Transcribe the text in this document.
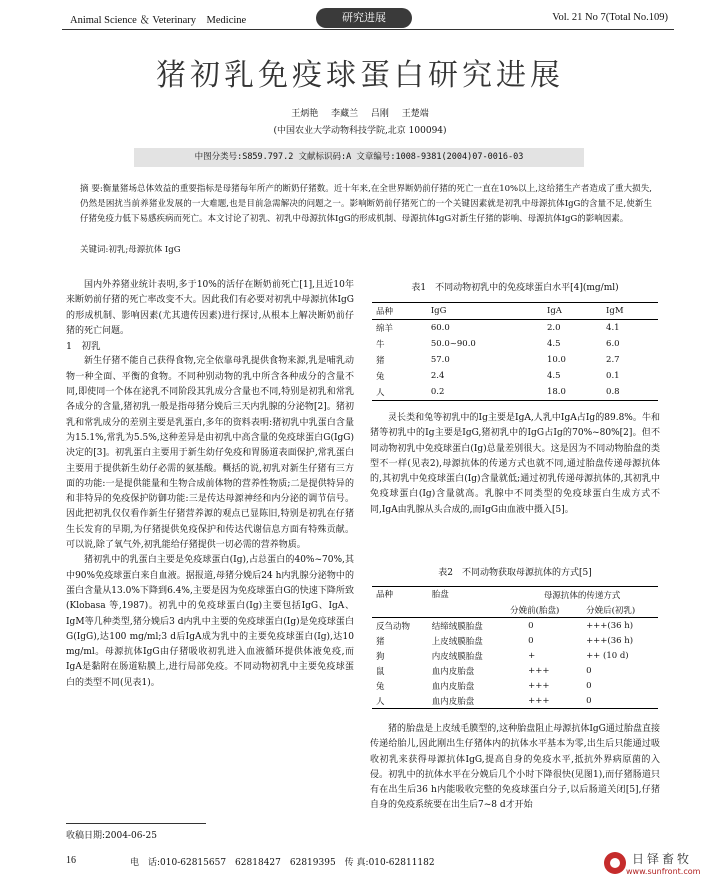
Animal Science ＆ Veterinary　Medicine	研究进展	Vol. 21 No 7(Total No.109)
猪初乳免疫球蛋白研究进展
王炳艳 李藏兰 吕刚 王楚端
(中国农业大学动物科技学院,北京 100094)
中图分类号:S859.797.2 文献标识码:A 文章编号:1008-9381(2004)07-0016-03
摘 要:衡量猪场总体效益的重要指标是母猪每年所产的断奶仔猪数。近十年来,在全世界断奶前仔猪的死亡一直在10%以上,这给猪生产者造成了重大损失,仍然是困扰当前养猪业发展的一大难题,也是目前急需解决的问题之一。影响断奶前仔猪死亡的一个关键因素就是初乳中母源抗体IgG的含量不足,使新生仔猪免疫力低下易感疾病而死亡。本文讨论了初乳、初乳中母源抗体IgG的形成机制、母源抗体IgG对新生仔猪的影响、母源抗体IgG的影响因素。
关键词:初乳;母源抗体 IgG

国内外养猪业统计表明,多于10%的活仔在断奶前死亡[1],且近10年来断奶前仔猪的死亡率改变不大。因此我们有必要对初乳中母源抗体IgG的形成机制、影响因素(尤其遗传因素)进行探讨,从根本上解决断奶前仔猪的死亡问题。

1　初乳

新生仔猪不能自己获得食物,完全依靠母乳提供食物来源,乳是哺乳动物一种全面、平衡的食物。不同种别动物的乳中所含各种成分的含量不同,即使同一个体在泌乳不同阶段其乳成分含量也不同,特别是初乳和常乳各成分的含量,猪初乳一般是指母猪分娩后三天内乳腺的分泌物[2]。猪初乳和常乳成分的差别主要是乳蛋白,多年的资料表明:猪初乳中乳蛋白含量为15.1%,常乳为5.5%,这种差异是由初乳中高含量的免疫球蛋白G(IgG)决定的[3]。初乳蛋白主要用于新生幼仔免疫和胃肠道表面保护,常乳蛋白主要用于提供新生幼仔必需的氨基酸。概括的说,初乳对新生仔猪有三方面的功能:一是提供能量和生物合成前体物的营养性物质;二是提供特异的和非特异的免疫保护防御功能:三是传达母源神经和内分泌的调节信号。因此把初乳仅仅看作新生仔猪营养源的观点已显陈旧,特别是初乳在仔猪生长发育的早期,为仔猪提供免疫保护和传达代谢信息方面有特殊贡献。可以说,除了氧气外,初乳能给仔猪提供一切必需的营养物质。

猪初乳中的乳蛋白主要是免疫球蛋白(Ig),占总蛋白的40%~70%,其中90%免疫球蛋白来自血液。据报道,母猪分娩后24 h内乳腺分泌物中的蛋白含量从13.0%下降到6.4%,主要是因为免疫球蛋白G的快速下降所致(Klobasa 等,1987)。初乳中的免疫球蛋白(Ig)主要包括IgG、IgA、IgM等几种类型,猪分娩后3 d内乳中主要的免疫球蛋白(Ig)是免疫球蛋白G(IgG),达100 mg/ml;3 d后IgA成为乳中的主要免疫球蛋白(Ig),达10 mg/ml。母源抗体IgG由仔猪吸收初乳进入血液循环提供体液免疫,而IgA是黏附在肠道粘膜上,进行局部免疫。不同动物初乳中主要免疫球蛋白的类型不同(见表1)。

表1　不同动物初乳中的免疫球蛋白水平[4](mg/ml)
品种	IgG	IgA	IgM
绵羊	60.0	2.0	4.1
牛	50.0~90.0	4.5	6.0
猪	57.0	10.0	2.7
兔	2.4	4.5	0.1
人	0.2	18.0	0.8

灵长类和兔等初乳中的Ig主要是IgA,人乳中IgA占Ig的89.8%。牛和猪等初乳中的Ig主要是IgG,猪初乳中的IgG占Ig的70%~80%[2]。但不同动物初乳中免疫球蛋白(Ig)总量差别很大。这是因为不同动物胎盘的类型不一样(见表2),母源抗体的传递方式也就不同,通过胎盘传递母源抗体的,其初乳中免疫球蛋白(Ig)含量就低;通过初乳传递母源抗体的,其初乳中免疫球蛋白(Ig)含量就高。乳腺中不同类型的免疫球蛋白生成方式不同,IgA由乳腺从头合成的,而IgG由血液中摄入[5]。

表2　不同动物获取母源抗体的方式[5]
品种	胎盘	母源抗体的传递方式	
		分娩前(胎盘)	分娩后(初乳)
反刍动物	结缔绒膜胎盘	0	+++(36 h)
猪	上皮绒膜胎盘	0	+++(36 h)
狗	内皮绒膜胎盘	+	++ (10 d)
鼠	血内皮胎盘	+++	0
兔	血内皮胎盘	+++	0
人	血内皮胎盘	+++	0

猪的胎盘是上皮绒毛膜型的,这种胎盘阻止母源抗体IgG通过胎盘直接传递给胎儿,因此刚出生仔猪体内的抗体水平基本为零,出生后只能通过吸收初乳来获得母源抗体IgG,提高自身的免疫水平,抵抗外界病原菌的入侵。初乳中的抗体水平在分娩后几个小时下降很快(见图1),而仔猪肠道只有在出生后36 h内能吸收完整的免疫球蛋白分子,以后肠道关闭[5],仔猪自身的免疫系统要在出生后7~8 d才开始

收稿日期:2004-06-25
16	电　话:010-62815657　62818427　62819395　传 真:010-62811182	日铎畜牧
www.sunfront.com
